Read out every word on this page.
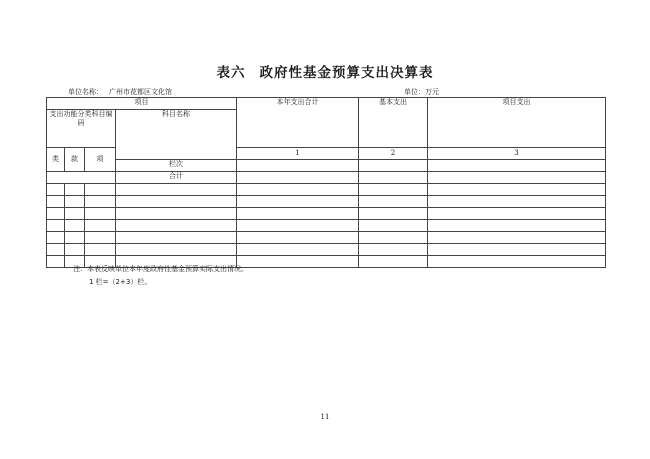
表六 政府性基金预算支出决算表
单位名称： 广州市花都区文化馆	单位：万元
项目				本年支出合计	基本支出	项目支出
支出功能分类科目编码			科目名称			
类	款	项		1	2	3
			栏次			
			合计			

注：本表反映单位本年度政府性基金预算实际支出情况。
1 栏=（2+3）栏。
11
